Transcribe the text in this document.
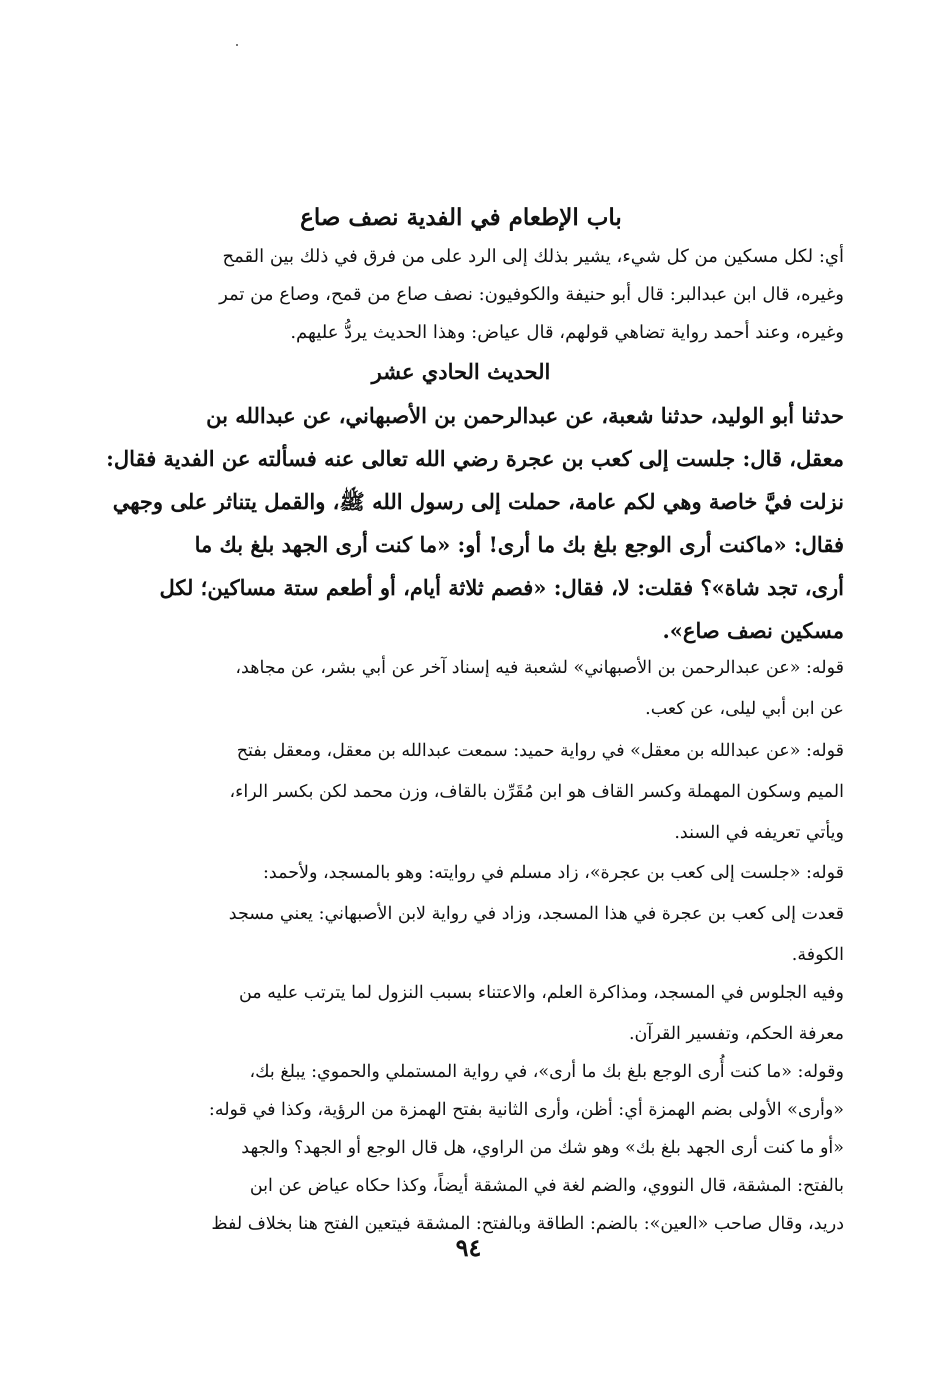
باب الإطعام في الفدية نصف صاع
أي: لكل مسكين من كل شيء، يشير بذلك إلى الرد على من فرق في ذلك بين القمح
وغيره، قال ابن عبدالبر: قال أبو حنيفة والكوفيون: نصف صاع من قمح، وصاع من تمر
وغيره، وعند أحمد رواية تضاهي قولهم، قال عياض: وهذا الحديث يردُّ عليهم.
الحديث الحادي عشر
حدثنا أبو الوليد، حدثنا شعبة، عن عبدالرحمن بن الأصبهاني، عن عبدالله بن
معقل، قال: جلست إلى كعب بن عجرة رضي الله تعالى عنه فسألته عن الفدية فقال:
نزلت فيَّ خاصة وهي لكم عامة، حملت إلى رسول الله ﷺ، والقمل يتناثر على وجهي
فقال: «ماكنت أرى الوجع بلغ بك ما أرى! أو: «ما كنت أرى الجهد بلغ بك ما
أرى، تجد شاة»؟ فقلت: لا، فقال: «فصم ثلاثة أيام، أو أطعم ستة مساكين؛ لكل
مسكين نصف صاع».
قوله: «عن عبدالرحمن بن الأصبهاني» لشعبة فيه إسناد آخر عن أبي بشر، عن مجاهد،
عن ابن أبي ليلى، عن كعب.
قوله: «عن عبدالله بن معقل» في رواية حميد: سمعت عبدالله بن معقل، ومعقل بفتح
الميم وسكون المهملة وكسر القاف هو ابن مُقَرِّن بالقاف، وزن محمد لكن بكسر الراء،
ويأتي تعريفه في السند.
قوله: «جلست إلى كعب بن عجرة»، زاد مسلم في روايته: وهو بالمسجد، ولأحمد:
قعدت إلى كعب بن عجرة في هذا المسجد، وزاد في رواية لابن الأصبهاني: يعني مسجد
الكوفة.
وفيه الجلوس في المسجد، ومذاكرة العلم، والاعتناء بسبب النزول لما يترتب عليه من
معرفة الحكم، وتفسير القرآن.
وقوله: «ما كنت أُرى الوجع بلغ بك ما أرى»، في رواية المستملي والحموي: يبلغ بك،
«وأرى» الأولى بضم الهمزة أي: أظن، وأرى الثانية بفتح الهمزة من الرؤية، وكذا في قوله:
«أو ما كنت أرى الجهد بلغ بك» وهو شك من الراوي، هل قال الوجع أو الجهد؟ والجهد
بالفتح: المشقة، قال النووي، والضم لغة في المشقة أيضاً، وكذا حكاه عياض عن ابن
دريد، وقال صاحب «العين»: بالضم: الطاقة وبالفتح: المشقة فيتعين الفتح هنا بخلاف لفظ
٩٤
